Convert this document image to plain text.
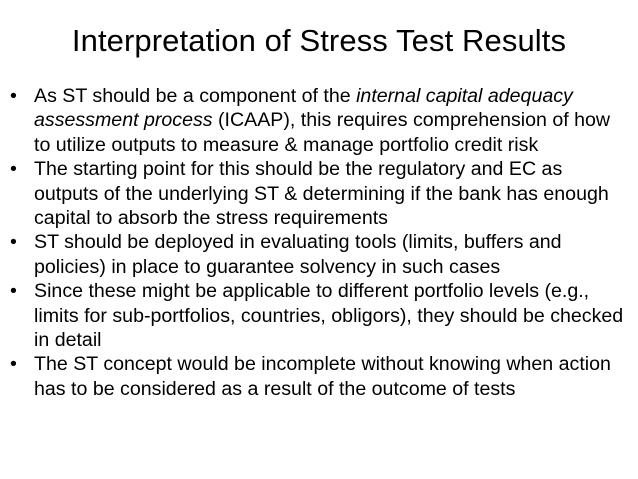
Interpretation of Stress Test Results
• As ST should be a component of the internal capital adequacy assessment process (ICAAP), this requires comprehension of how to utilize outputs to measure & manage portfolio credit risk
• The starting point for this should be the regulatory and EC as outputs of the underlying ST & determining if the bank has enough capital to absorb the stress requirements
• ST should be deployed in evaluating tools (limits, buffers and policies) in place to guarantee solvency in such cases
• Since these might be applicable to different portfolio levels (e.g., limits for sub-portfolios, countries, obligors), they should be checked in detail
• The ST concept would be incomplete without knowing when action has to be considered as a result of the outcome of tests
